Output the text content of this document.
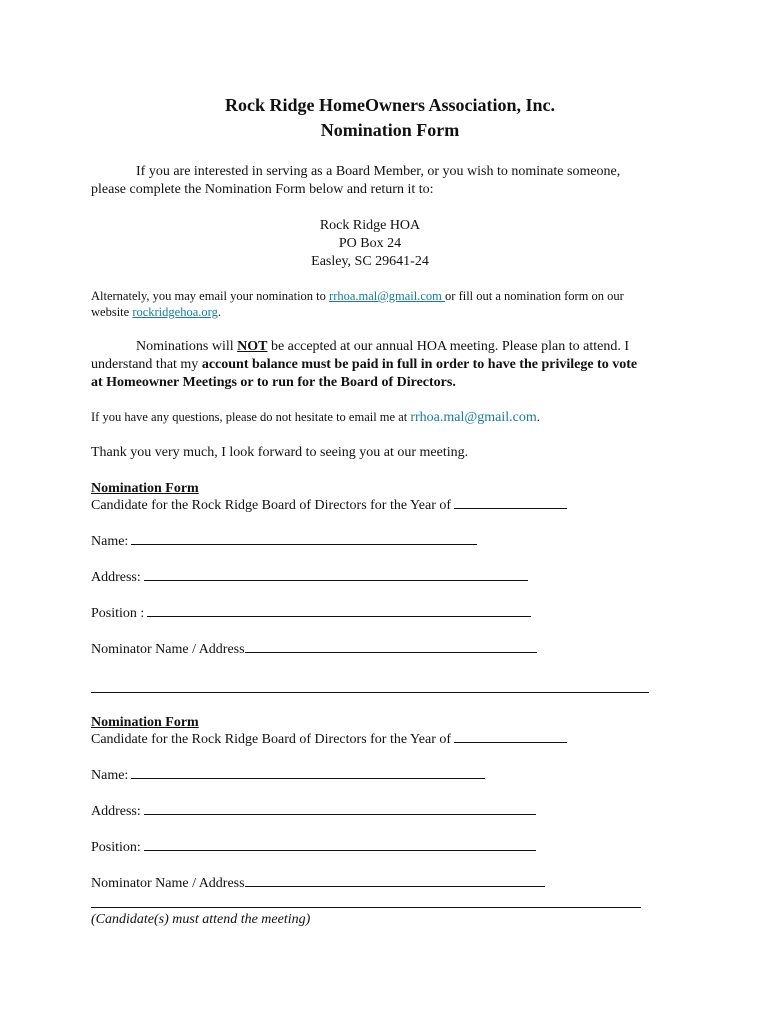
Rock Ridge HomeOwners Association, Inc.
Nomination Form
If you are interested in serving as a Board Member, or you wish to nominate someone,
please complete the Nomination Form below and return it to:
Rock Ridge HOA
PO Box 24
Easley, SC 29641-24
Alternately, you may email your nomination to rrhoa.mal@gmail.com or fill out a nomination form on our
website rockridgehoa.org.
Nominations will NOT be accepted at our annual HOA meeting. Please plan to attend. I
understand that my account balance must be paid in full in order to have the privilege to vote
at Homeowner Meetings or to run for the Board of Directors.
If you have any questions, please do not hesitate to email me at rrhoa.mal@gmail.com.
Thank you very much, I look forward to seeing you at our meeting.
Nomination Form
Candidate for the Rock Ridge Board of Directors for the Year of
Name:
Address:
Position :
Nominator Name / Address
Nomination Form
Candidate for the Rock Ridge Board of Directors for the Year of
Name:
Address:
Position:
Nominator Name / Address
(Candidate(s) must attend the meeting)
